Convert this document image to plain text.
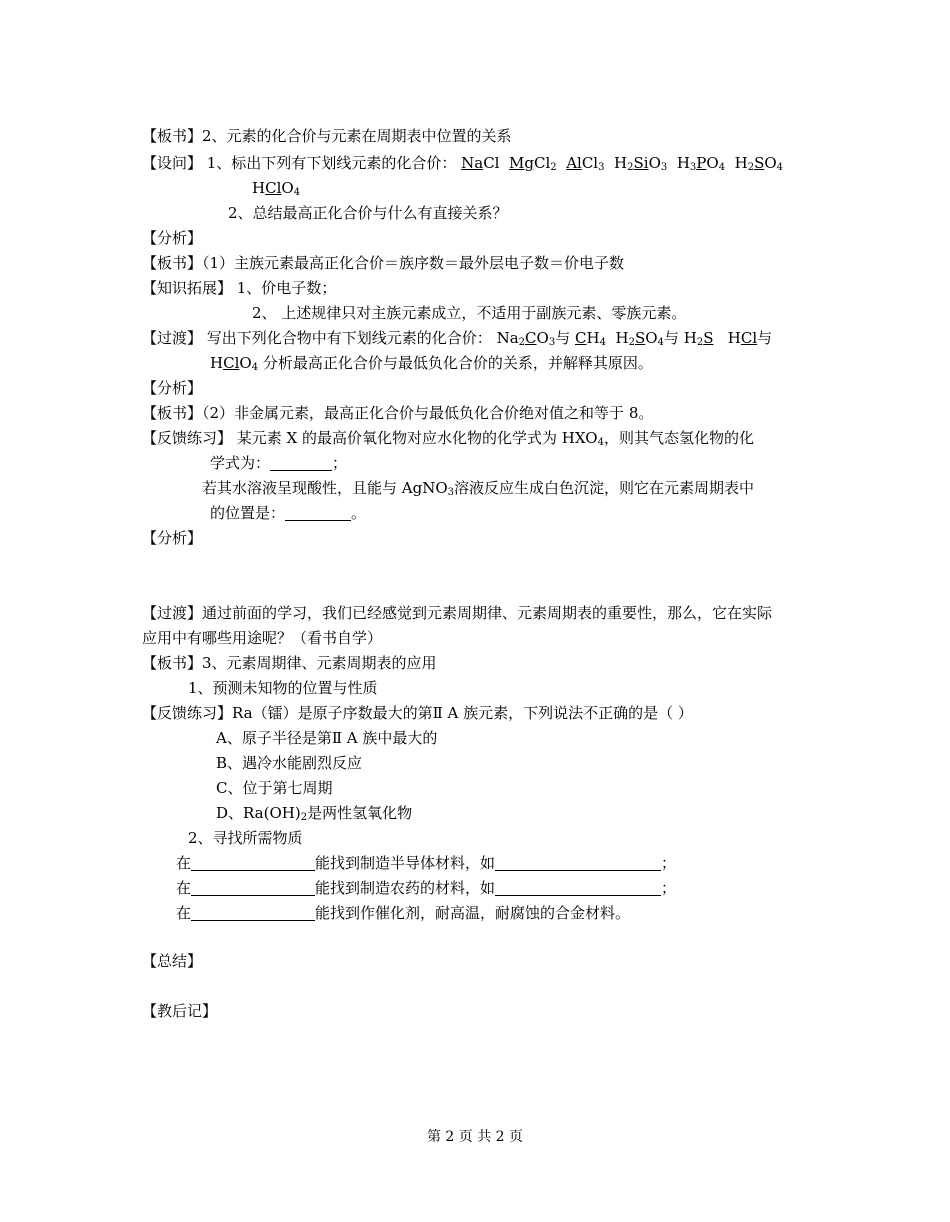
【板书】2、元素的化合价与元素在周期表中位置的关系
【设问】 1、标出下列有下划线元素的化合价： NaCl MgCl$_2$ AlCl$_3$ $H_2SiO_3$ $H_3PO_4$ $H_2SO_4$
HClO$_4$
2、总结最高正化合价与什么有直接关系？
【分析】
【板书】（1）主族元素最高正化合价＝族序数＝最外层电子数＝价电子数
【知识拓展】 1、价电子数；
2、 上述规律只对主族元素成立，不适用于副族元素、零族元素。
【过渡】 写出下列化合物中有下划线元素的化合价： $Na_2CO_3$与 $CH_4$ $H_2SO_4$与 $H_2S$ HCl与
HClO$_4$ 分析最高正化合价与最低负化合价的关系，并解释其原因。
【分析】
【板书】（2）非金属元素，最高正化合价与最低负化合价绝对值之和等于 8。
【反馈练习】 某元素 X 的最高价氧化物对应水化物的化学式为 $HXO_4$，则其气态氢化物的化
学式为：	；
若其水溶液呈现酸性，且能与 AgNO$_3$溶液反应生成白色沉淀，则它在元素周期表中
的位置是：	。
【分析】
【过渡】通过前面的学习，我们已经感觉到元素周期律、元素周期表的重要性，那么，它在实际
应用中有哪些用途呢？（看书自学）
【板书】3、元素周期律、元素周期表的应用
1、预测未知物的位置与性质
【反馈练习】Ra（镭）是原子序数最大的第Ⅱ A 族元素，下列说法不正确的是（ ）
A、原子半径是第Ⅱ A 族中最大的
B、遇冷水能剧烈反应
C、位于第七周期
D、$Ra(OH)_2$是两性氢氧化物
2、寻找所需物质
在	能找到制造半导体材料，如	；
在	能找到制造农药的材料，如	；
在	能找到作催化剂，耐高温，耐腐蚀的合金材料。
【总结】
【教后记】
第 2 页 共 2 页
